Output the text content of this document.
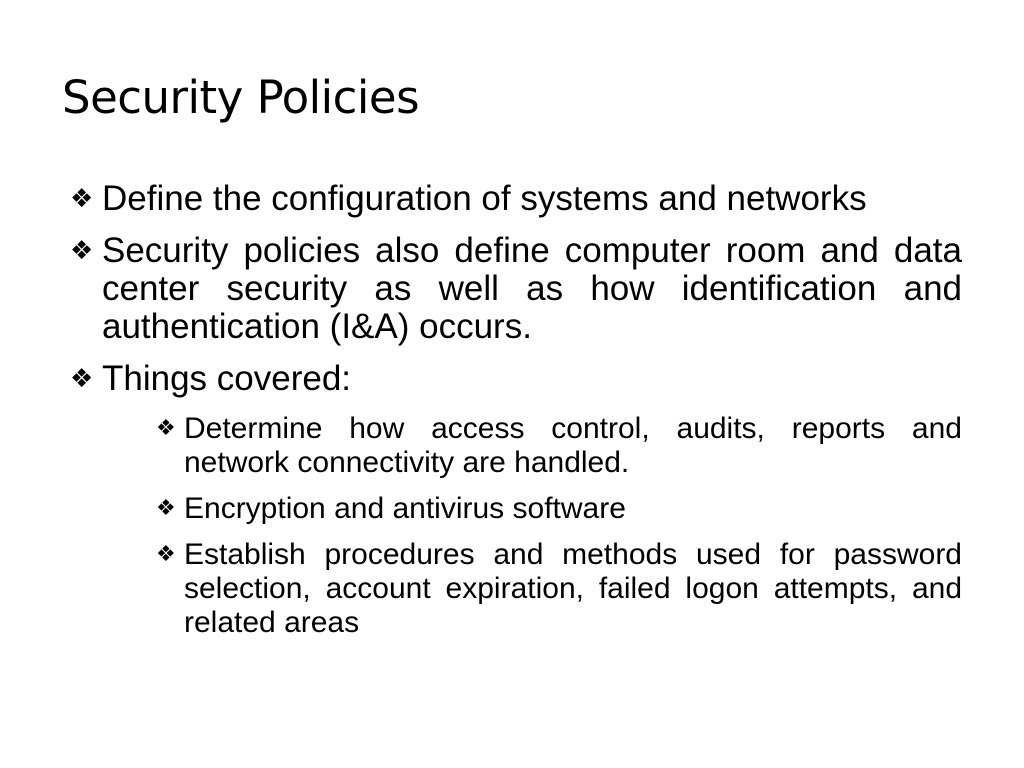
Security Policies
❖ Define the configuration of systems and networks
❖ Security policies also define computer room and data center security as well as how identification and authentication (I&A) occurs.
❖ Things covered:
❖ Determine how access control, audits, reports and network connectivity are handled.
❖ Encryption and antivirus software
❖ Establish procedures and methods used for password selection, account expiration, failed logon attempts, and related areas
